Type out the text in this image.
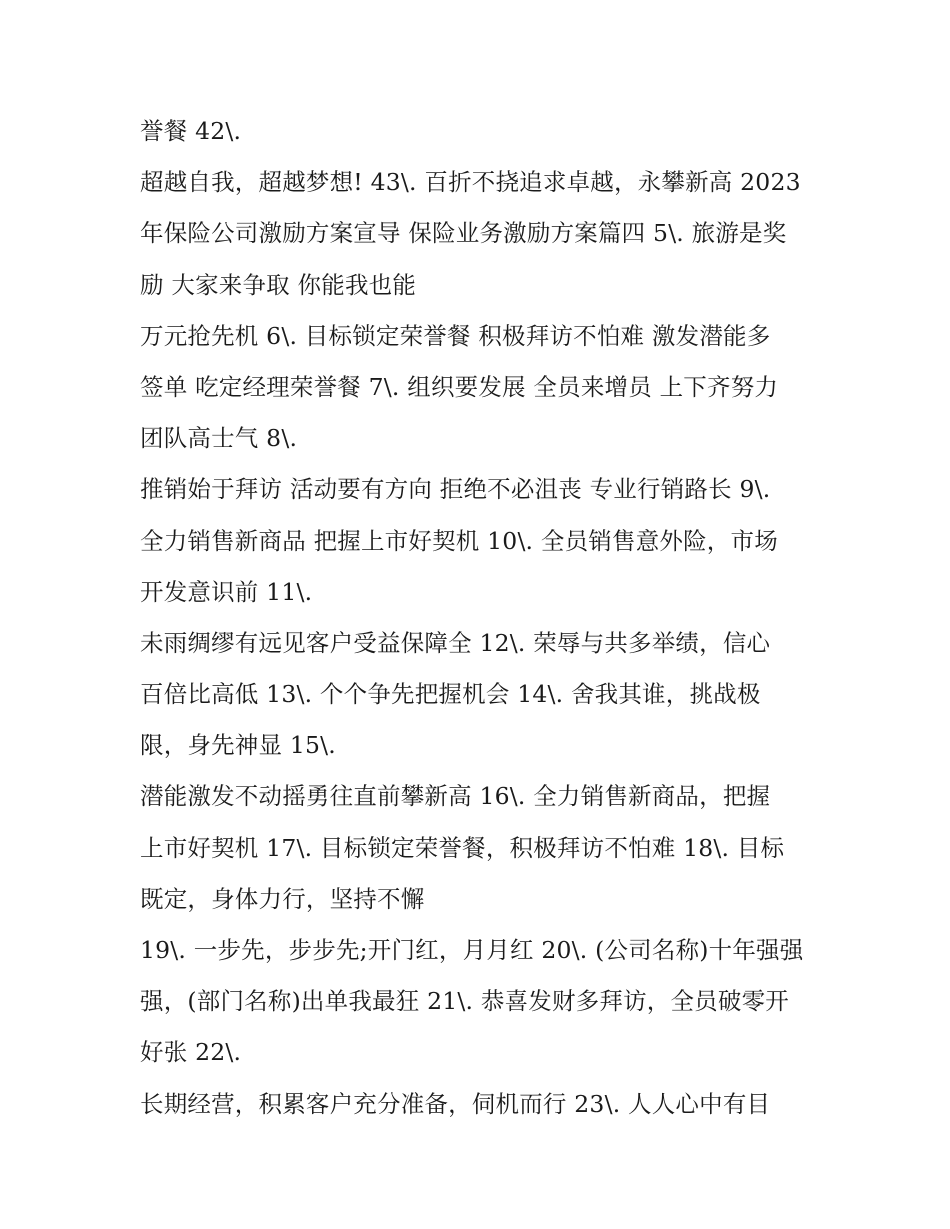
誉餐 42\.
超越自我，超越梦想! 43\. 百折不挠追求卓越，永攀新高 2023
年保险公司激励方案宣导 保险业务激励方案篇四 5\. 旅游是奖
励 大家来争取 你能我也能
万元抢先机 6\. 目标锁定荣誉餐 积极拜访不怕难 激发潜能多
签单 吃定经理荣誉餐 7\. 组织要发展 全员来增员 上下齐努力
团队高士气 8\.
推销始于拜访 活动要有方向 拒绝不必沮丧 专业行销路长 9\.
全力销售新商品 把握上市好契机 10\. 全员销售意外险，市场
开发意识前 11\.
未雨绸缪有远见客户受益保障全 12\. 荣辱与共多举绩，信心
百倍比高低 13\. 个个争先把握机会 14\. 舍我其谁，挑战极
限，身先神显 15\.
潜能激发不动摇勇往直前攀新高 16\. 全力销售新商品，把握
上市好契机 17\. 目标锁定荣誉餐，积极拜访不怕难 18\. 目标
既定，身体力行，坚持不懈
19\. 一步先，步步先;开门红，月月红 20\. (公司名称)十年强强
强，(部门名称)出单我最狂 21\. 恭喜发财多拜访，全员破零开
好张 22\.
长期经营，积累客户充分准备，伺机而行 23\. 人人心中有目
